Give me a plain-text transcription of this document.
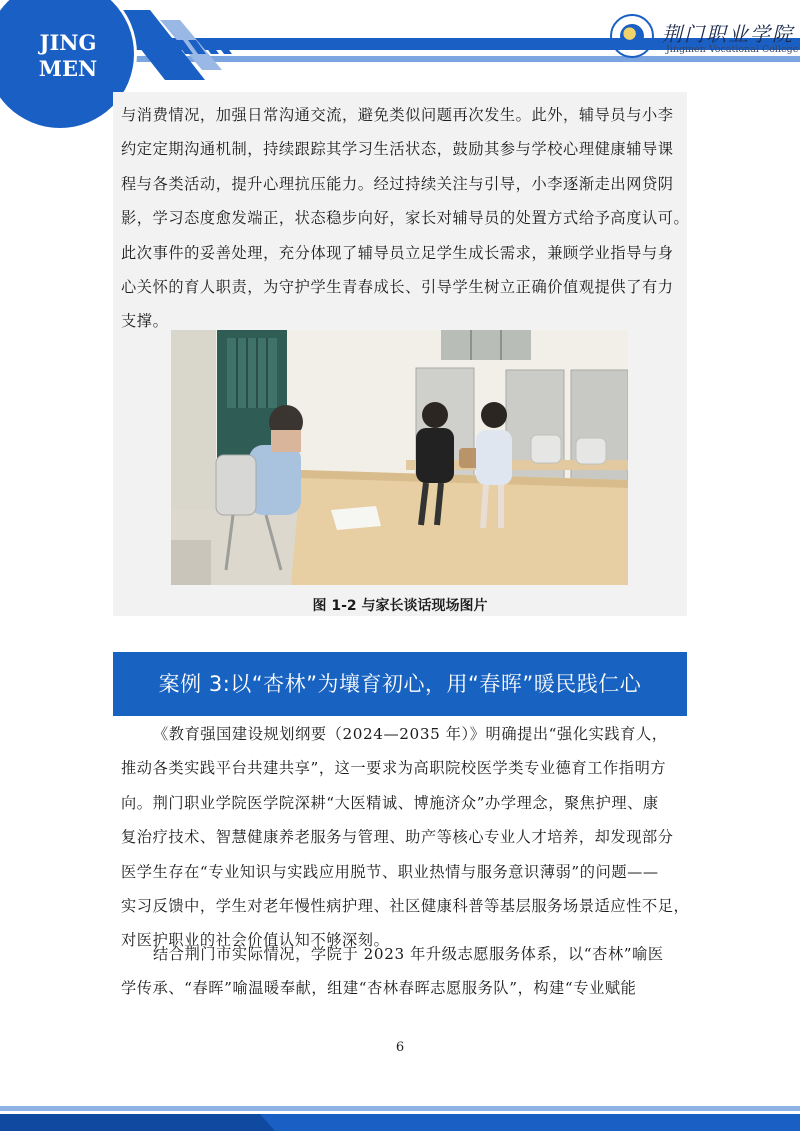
JING
MEN
荆门职业学院
Jingmen Vocational College
与消费情况，加强日常沟通交流，避免类似问题再次发生。此外，辅导员与小李
约定定期沟通机制，持续跟踪其学习生活状态，鼓励其参与学校心理健康辅导课
程与各类活动，提升心理抗压能力。经过持续关注与引导，小李逐渐走出网贷阴
影，学习态度愈发端正，状态稳步向好，家长对辅导员的处置方式给予高度认可。
此次事件的妥善处理，充分体现了辅导员立足学生成长需求，兼顾学业指导与身
心关怀的育人职责，为守护学生青春成长、引导学生树立正确价值观提供了有力
支撑。
图 1-2 与家长谈话现场图片
案例 3:以“杏林”为壤育初心，用“春晖”暖民践仁心
《教育强国建设规划纲要（2024—2035 年）》明确提出“强化实践育人，
推动各类实践平台共建共享”，这一要求为高职院校医学类专业德育工作指明方
向。荆门职业学院医学院深耕“大医精诚、博施济众”办学理念，聚焦护理、康
复治疗技术、智慧健康养老服务与管理、助产等核心专业人才培养，却发现部分
医学生存在“专业知识与实践应用脱节、职业热情与服务意识薄弱”的问题——
实习反馈中，学生对老年慢性病护理、社区健康科普等基层服务场景适应性不足，
对医护职业的社会价值认知不够深刻。
结合荆门市实际情况，学院于 2023 年升级志愿服务体系，以“杏林”喻医
学传承、“春晖”喻温暖奉献，组建“杏林春晖志愿服务队”，构建“专业赋能
6
